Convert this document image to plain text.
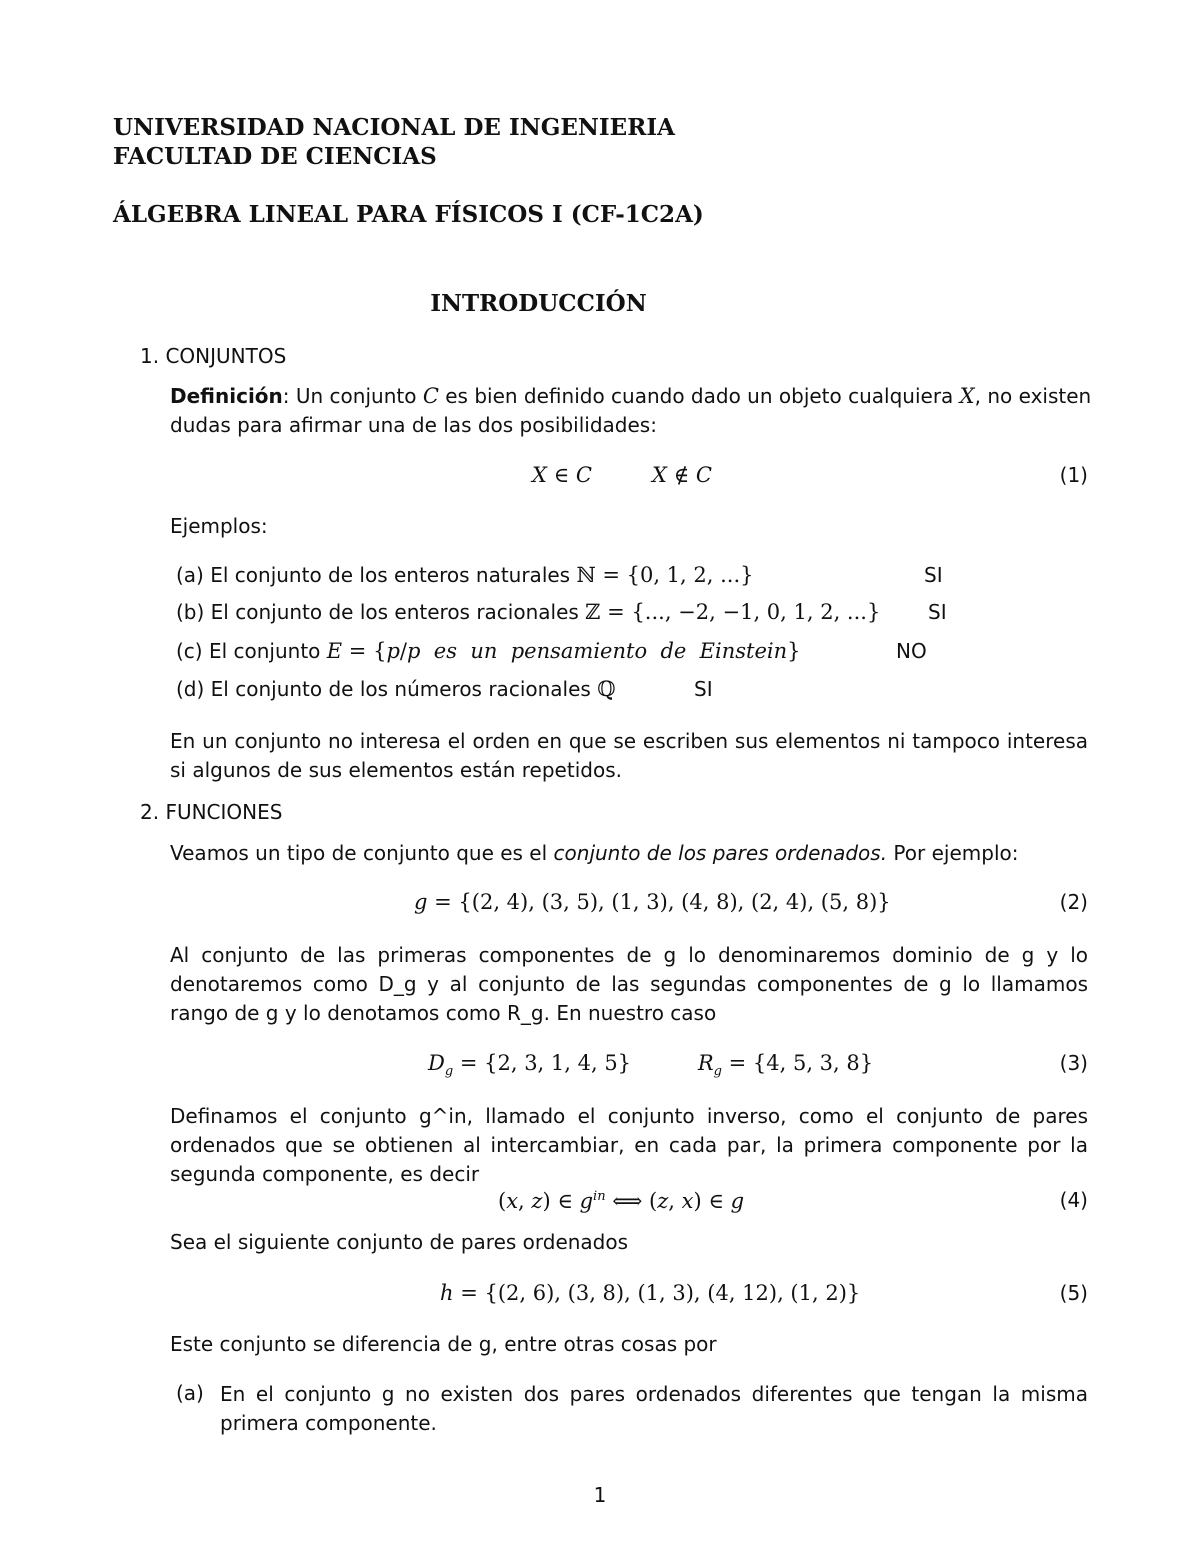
UNIVERSIDAD NACIONAL DE INGENIERIA
FACULTAD DE CIENCIAS
ÁLGEBRA LINEAL PARA FÍSICOS I (CF-1C2A)
INTRODUCCIÓN
1. CONJUNTOS
Definición: Un conjunto C es bien definido cuando dado un objeto cualquiera X, no existen
dudas para afirmar una de las dos posibilidades:
X ∈ C	X ∉ C	(1)
Ejemplos:
(a) El conjunto de los enteros naturales ℕ = {0, 1, 2, ...}	SI
(b) El conjunto de los enteros racionales ℤ = {..., −2, −1, 0, 1, 2, ...} SI
(c) El conjunto E = {p/p es  un  pensamiento  de  Einstein}	NO
(d) El conjunto de los números racionales ℚ	SI
En un conjunto no interesa el orden en que se escriben sus elementos ni tampoco interesa si algunos de sus elementos están repetidos.
2. FUNCIONES
Veamos un tipo de conjunto que es el conjunto de los pares ordenados. Por ejemplo:
g = {(2, 4), (3, 5), (1, 3), (4, 8), (2, 4), (5, 8)}	(2)
Al conjunto de las primeras componentes de g lo denominaremos dominio de g y lo denotaremos como D_g y al conjunto de las segundas componentes de g lo llamamos rango de g y lo denotamos como R_g. En nuestro caso
$D_g = \{2$, 3, 1, 4, 5}          $R_g = \{4$, 5, 3, 8}	(3)
Definamos el conjunto g^in, llamado el conjunto inverso, como el conjunto de pares ordenados que se obtienen al intercambiar, en cada par, la primera componente por la segunda componente, es decir
(x, z) ∈ $g^{in}$ ⟺ (z, x) ∈ g	(4)
Sea el siguiente conjunto de pares ordenados
h = {(2, 6), (3, 8), (1, 3), (4, 12), (1, 2)}	(5)
Este conjunto se diferencia de g, entre otras cosas por
(a) En el conjunto g no existen dos pares ordenados diferentes que tengan la misma primera componente.
1
